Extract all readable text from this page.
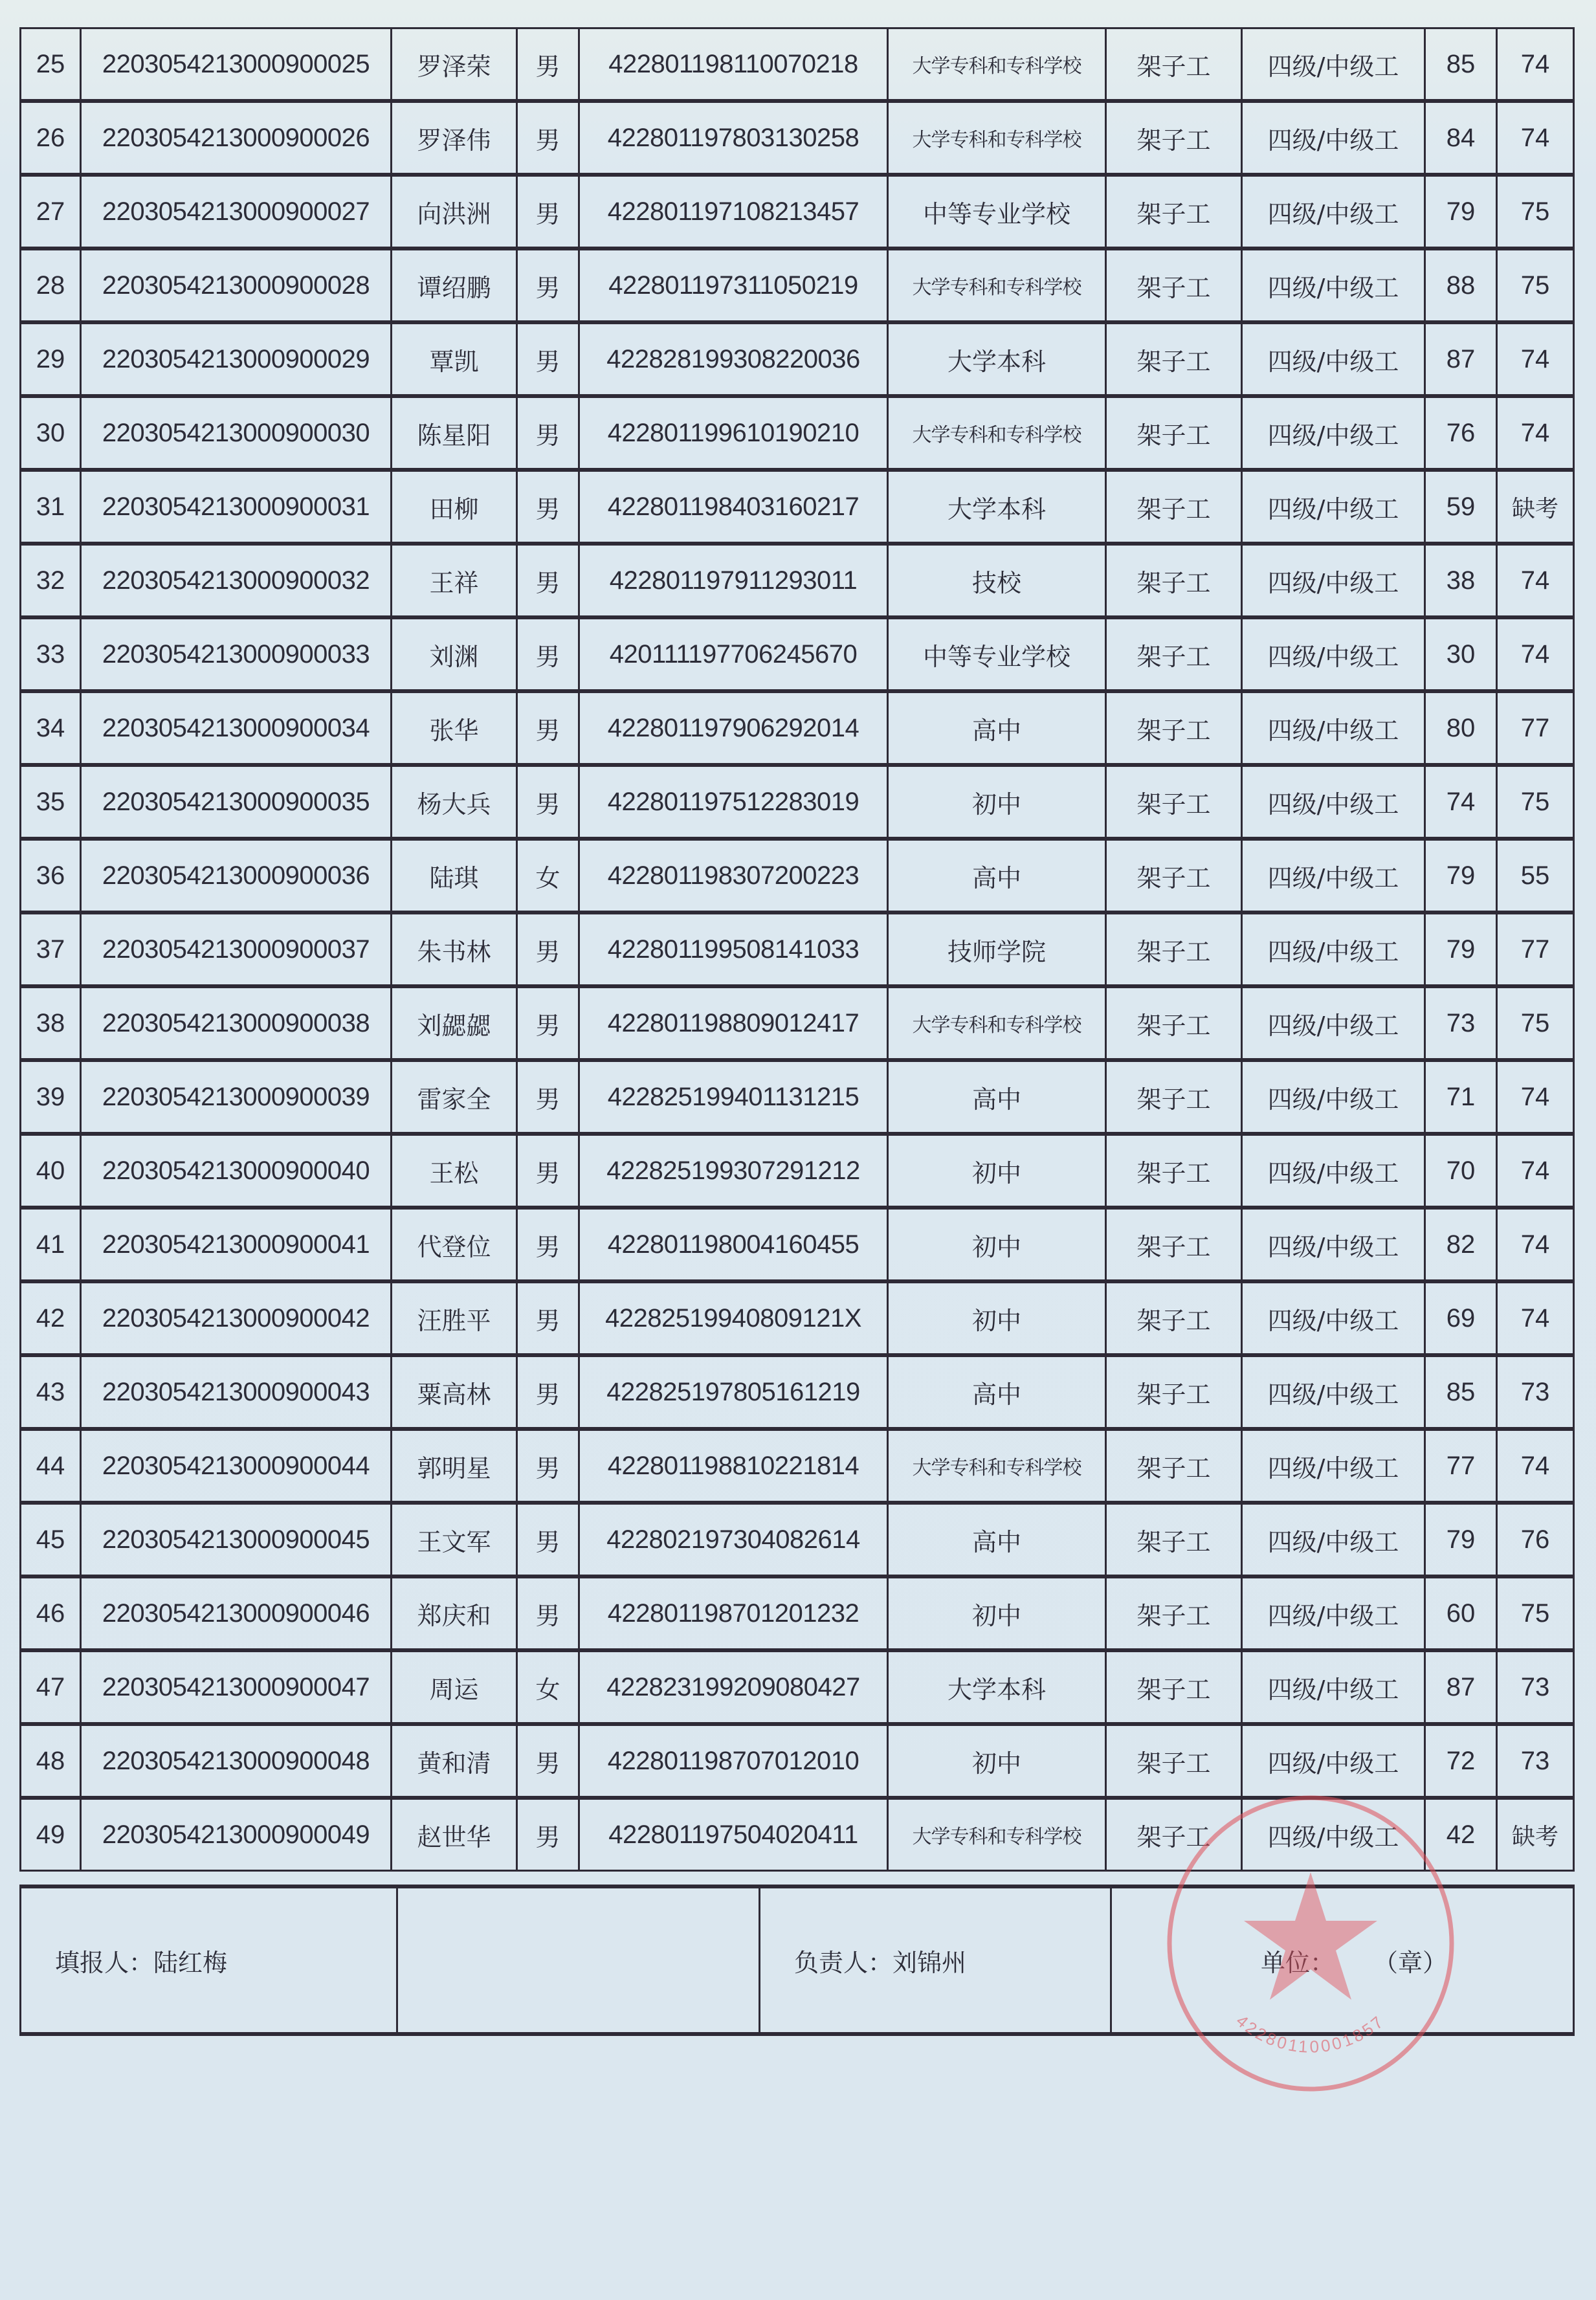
25	2203054213000900025	罗泽荣	男	422801198110070218	大学专科和专科学校	架子工	四级/中级工	85	74
26	2203054213000900026	罗泽伟	男	422801197803130258	大学专科和专科学校	架子工	四级/中级工	84	74
27	2203054213000900027	向洪洲	男	422801197108213457	中等专业学校	架子工	四级/中级工	79	75
28	2203054213000900028	谭绍鹏	男	422801197311050219	大学专科和专科学校	架子工	四级/中级工	88	75
29	2203054213000900029	覃凯	男	422828199308220036	大学本科	架子工	四级/中级工	87	74
30	2203054213000900030	陈星阳	男	422801199610190210	大学专科和专科学校	架子工	四级/中级工	76	74
31	2203054213000900031	田柳	男	422801198403160217	大学本科	架子工	四级/中级工	59	缺考
32	2203054213000900032	王祥	男	422801197911293011	技校	架子工	四级/中级工	38	74
33	2203054213000900033	刘渊	男	420111197706245670	中等专业学校	架子工	四级/中级工	30	74
34	2203054213000900034	张华	男	422801197906292014	高中	架子工	四级/中级工	80	77
35	2203054213000900035	杨大兵	男	422801197512283019	初中	架子工	四级/中级工	74	75
36	2203054213000900036	陆琪	女	422801198307200223	高中	架子工	四级/中级工	79	55
37	2203054213000900037	朱书林	男	422801199508141033	技师学院	架子工	四级/中级工	79	77
38	2203054213000900038	刘勰勰	男	422801198809012417	大学专科和专科学校	架子工	四级/中级工	73	75
39	2203054213000900039	雷家全	男	422825199401131215	高中	架子工	四级/中级工	71	74
40	2203054213000900040	王松	男	422825199307291212	初中	架子工	四级/中级工	70	74
41	2203054213000900041	代登位	男	422801198004160455	初中	架子工	四级/中级工	82	74
42	2203054213000900042	汪胜平	男	42282519940809121X	初中	架子工	四级/中级工	69	74
43	2203054213000900043	粟高林	男	422825197805161219	高中	架子工	四级/中级工	85	73
44	2203054213000900044	郭明星	男	422801198810221814	大学专科和专科学校	架子工	四级/中级工	77	74
45	2203054213000900045	王文军	男	422802197304082614	高中	架子工	四级/中级工	79	76
46	2203054213000900046	郑庆和	男	422801198701201232	初中	架子工	四级/中级工	60	75
47	2203054213000900047	周运	女	422823199209080427	大学本科	架子工	四级/中级工	87	73
48	2203054213000900048	黄和清	男	422801198707012010	初中	架子工	四级/中级工	72	73
49	2203054213000900049	赵世华	男	422801197504020411	大学专科和专科学校	架子工	四级/中级工	42	缺考
填报人：陆红梅		负责人：刘锦州	单位： （章）
42280110001857
